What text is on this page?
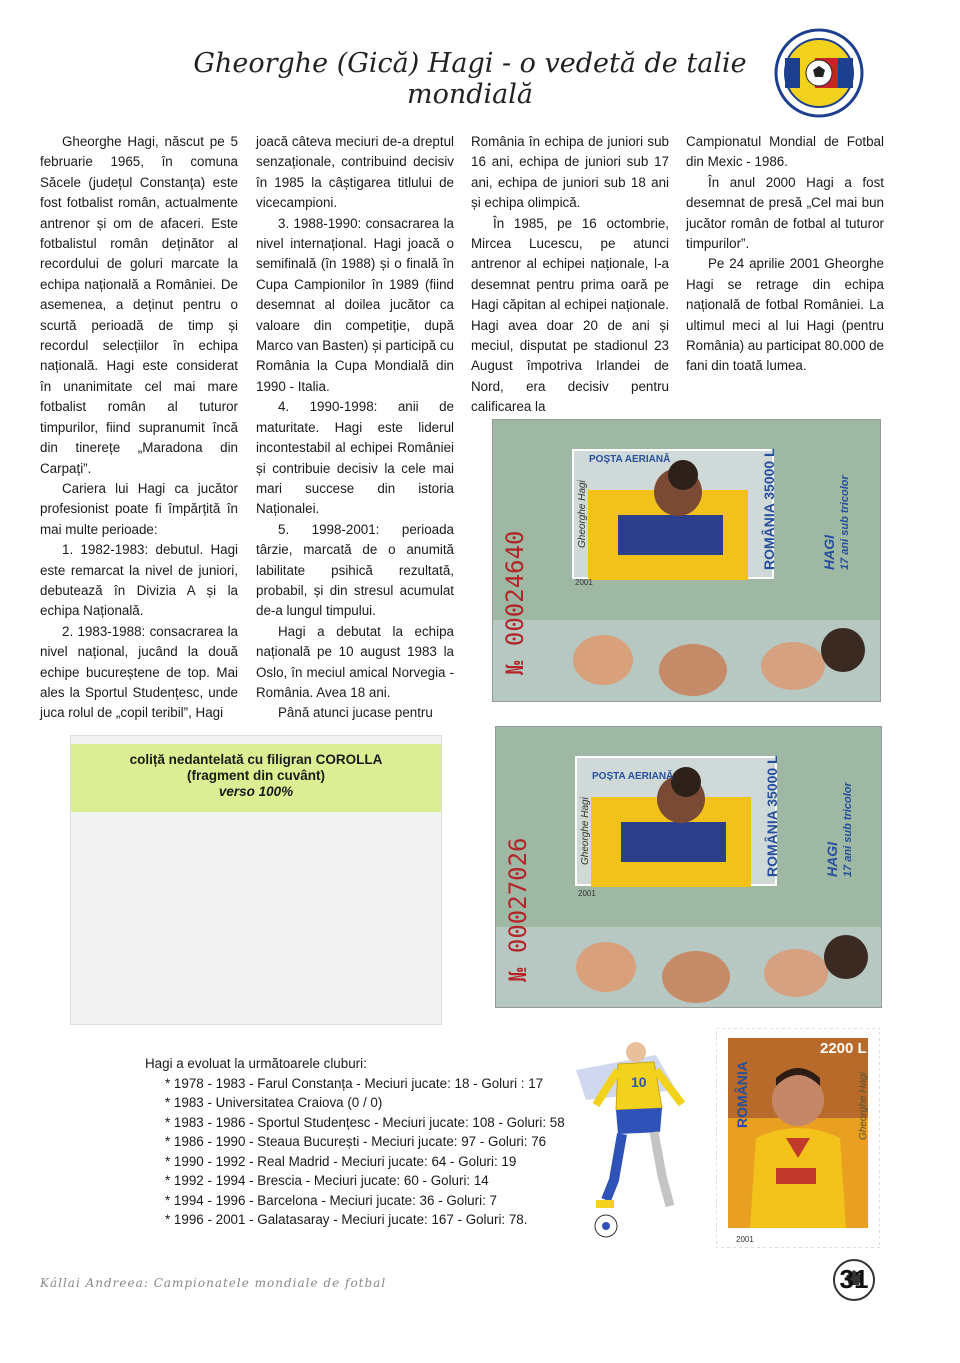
Gheorghe (Gică) Hagi - o vedetă de talie mondială

Gheorghe Hagi, născut pe 5 februarie 1965, în comuna Săcele (județul Constanța) este fost fotbalist român, actualmente antrenor și om de afaceri. Este fotbalistul român deținător al recordului de goluri marcate la echipa națională a României. De asemenea, a deținut pentru o scurtă perioadă de timp și recordul selecțiilor în echipa națională. Hagi este considerat în unanimitate cel mai mare fotbalist român al tuturor timpurilor, fiind supranumit încă din tinerețe „Maradona din Carpați”.

Cariera lui Hagi ca jucător profesionist poate fi împărțită în mai multe perioade:

1. 1982-1983: debutul. Hagi este remarcat la nivel de juniori, debutează în Divizia A și la echipa Națională.

2. 1983-1988: consacrarea la nivel național, jucând la două echipe bucureștene de top. Mai ales la Sportul Studențesc, unde juca rolul de „copil teribil”, Hagi

joacă câteva meciuri de-a dreptul senzaționale, contribuind decisiv în 1985 la câștigarea titlului de vicecampioni.

3. 1988-1990: consacrarea la nivel internațional. Hagi joacă o semifinală (în 1988) și o finală în Cupa Campionilor în 1989 (fiind desemnat al doilea jucător ca valoare din competiție, după Marco van Basten) și participă cu România la Cupa Mondială din 1990 - Italia.

4. 1990-1998: anii de maturitate. Hagi este liderul incontestabil al echipei României și contribuie decisiv la cele mai mari succese din istoria Naționalei.

5. 1998-2001: perioada târzie, marcată de o anumită labilitate psihică rezultată, probabil, și din stresul acumulat de-a lungul timpului.

Hagi a debutat la echipa națională pe 10 august 1983 la Oslo, în meciul amical Norvegia - România. Avea 18 ani.

Până atunci jucase pentru

România în echipa de juniori sub 16 ani, echipa de juniori sub 17 ani, echipa de juniori sub 18 ani și echipa olimpică.

În 1985, pe 16 octombrie, Mircea Lucescu, pe atunci antrenor al echipei naționale, l-a desemnat pentru prima oară pe Hagi căpitan al echipei naționale. Hagi avea doar 20 de ani și meciul, disputat pe stadionul 23 August împotriva Irlandei de Nord, era decisiv pentru calificarea la

Campionatul Mondial de Fotbal din Mexic - 1986.

În anul 2000 Hagi a fost desemnat de presă „Cel mai bun jucător român de fotbal al tuturor timpurilor”.

Pe 24 aprilie 2001 Gheorghe Hagi se retrage din echipa națională de fotbal României. La ultimul meci al lui Hagi (pentru România) au participat 80.000 de fani din toată lumea.

№ 00024640
POȘTA AERIANĂ	ROMÂNIA 35000 L	HAGI 17 ani sub tricolor
Gheorghe Hagi
2001
№ 00027026
POȘTA AERIANĂ	ROMÂNIA 35000 L	HAGI 17 ani sub tricolor
Gheorghe Hagi
2001
coliță nedantelată cu filigran COROLLA
(fragment din cuvânt)
verso 100%
Hagi a evoluat la următoarele cluburi:
* 1978 - 1983 - Farul Constanța - Meciuri jucate: 18 - Goluri : 17
* 1983 - Universitatea Craiova (0 / 0)
* 1983 - 1986 - Sportul Studențesc - Meciuri jucate: 108 - Goluri: 58
* 1986 - 1990 - Steaua București - Meciuri jucate: 97 - Goluri: 76
* 1990 - 1992 - Real Madrid - Meciuri jucate: 64 - Goluri: 19
* 1992 - 1994 - Brescia - Meciuri jucate: 60 - Goluri: 14
* 1994 - 1996 - Barcelona - Meciuri jucate: 36 - Goluri: 7
* 1996 - 2001 - Galatasaray - Meciuri jucate: 167 - Goluri: 78.
10
2200 L
ROMÂNIA	Gheorghe Hagi
2001
Kállai Andreea: Campionatele mondiale de fotbal	31
